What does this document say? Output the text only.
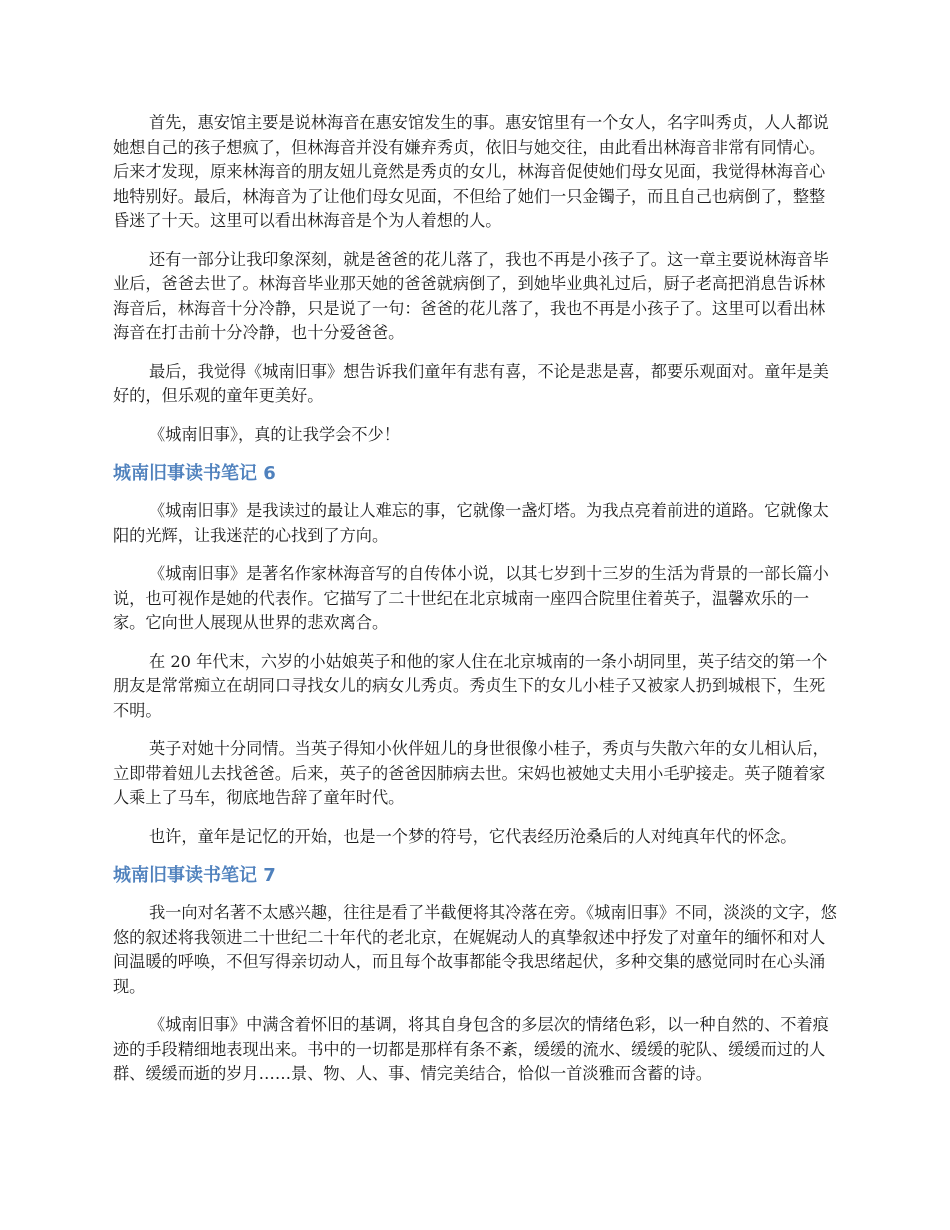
首先，惠安馆主要是说林海音在惠安馆发生的事。惠安馆里有一个女人，名字叫秀贞，人人都说她想自己的孩子想疯了，但林海音并没有嫌弃秀贞，依旧与她交往，由此看出林海音非常有同情心。后来才发现，原来林海音的朋友妞儿竟然是秀贞的女儿，林海音促使她们母女见面，我觉得林海音心地特别好。最后，林海音为了让他们母女见面，不但给了她们一只金镯子，而且自己也病倒了，整整昏迷了十天。这里可以看出林海音是个为人着想的人。

还有一部分让我印象深刻，就是爸爸的花儿落了，我也不再是小孩子了。这一章主要说林海音毕业后，爸爸去世了。林海音毕业那天她的爸爸就病倒了，到她毕业典礼过后，厨子老高把消息告诉林海音后，林海音十分冷静，只是说了一句：爸爸的花儿落了，我也不再是小孩子了。这里可以看出林海音在打击前十分冷静，也十分爱爸爸。

最后，我觉得《城南旧事》想告诉我们童年有悲有喜，不论是悲是喜，都要乐观面对。童年是美好的，但乐观的童年更美好。

《城南旧事》，真的让我学会不少！

城南旧事读书笔记 6

《城南旧事》是我读过的最让人难忘的事，它就像一盏灯塔。为我点亮着前进的道路。它就像太阳的光辉，让我迷茫的心找到了方向。

《城南旧事》是著名作家林海音写的自传体小说，以其七岁到十三岁的生活为背景的一部长篇小说，也可视作是她的代表作。它描写了二十世纪在北京城南一座四合院里住着英子，温馨欢乐的一家。它向世人展现从世界的悲欢离合。

在 20 年代末，六岁的小姑娘英子和他的家人住在北京城南的一条小胡同里，英子结交的第一个朋友是常常痴立在胡同口寻找女儿的病女儿秀贞。秀贞生下的女儿小桂子又被家人扔到城根下，生死不明。

英子对她十分同情。当英子得知小伙伴妞儿的身世很像小桂子，秀贞与失散六年的女儿相认后，立即带着妞儿去找爸爸。后来，英子的爸爸因肺病去世。宋妈也被她丈夫用小毛驴接走。英子随着家人乘上了马车，彻底地告辞了童年时代。

也许，童年是记忆的开始，也是一个梦的符号，它代表经历沧桑后的人对纯真年代的怀念。

城南旧事读书笔记 7

我一向对名著不太感兴趣，往往是看了半截便将其冷落在旁。《城南旧事》不同，淡淡的文字，悠悠的叙述将我领进二十世纪二十年代的老北京，在娓娓动人的真挚叙述中抒发了对童年的缅怀和对人间温暖的呼唤，不但写得亲切动人，而且每个故事都能令我思绪起伏，多种交集的感觉同时在心头涌现。

《城南旧事》中满含着怀旧的基调，将其自身包含的多层次的情绪色彩，以一种自然的、不着痕迹的手段精细地表现出来。书中的一切都是那样有条不紊，缓缓的流水、缓缓的驼队、缓缓而过的人群、缓缓而逝的岁月……景、物、人、事、情完美结合，恰似一首淡雅而含蓄的诗。
